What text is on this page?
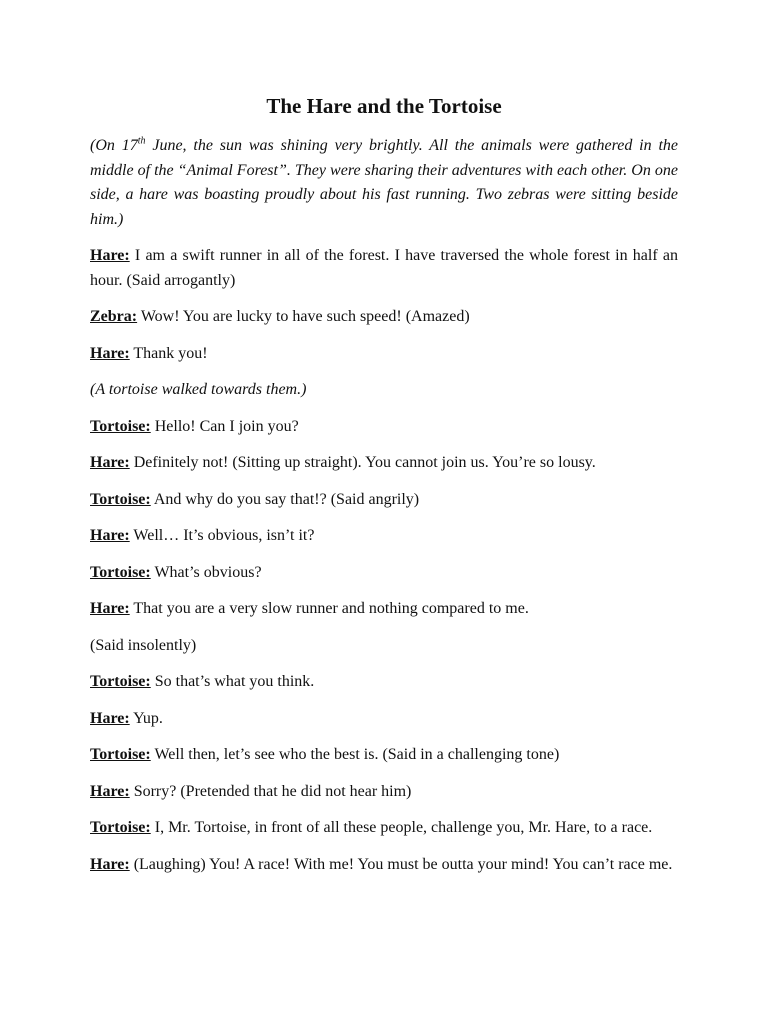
The Hare and the Tortoise

(On 17th June, the sun was shining very brightly. All the animals were gathered in the middle of the “Animal Forest”. They were sharing their adventures with each other. On one side, a hare was boasting proudly about his fast running. Two zebras were sitting beside him.)

Hare: I am a swift runner in all of the forest. I have traversed the whole forest in half an hour. (Said arrogantly)

Zebra: Wow! You are lucky to have such speed! (Amazed)

Hare: Thank you!

(A tortoise walked towards them.)

Tortoise: Hello! Can I join you?

Hare: Definitely not! (Sitting up straight). You cannot join us. You’re so lousy.

Tortoise: And why do you say that!? (Said angrily)

Hare: Well… It’s obvious, isn’t it?

Tortoise: What’s obvious?

Hare: That you are a very slow runner and nothing compared to me.

(Said insolently)

Tortoise: So that’s what you think.

Hare: Yup.

Tortoise: Well then, let’s see who the best is. (Said in a challenging tone)

Hare: Sorry? (Pretended that he did not hear him)

Tortoise: I, Mr. Tortoise, in front of all these people, challenge you, Mr. Hare, to a race.

Hare: (Laughing) You! A race! With me! You must be outta your mind! You can’t race me.
